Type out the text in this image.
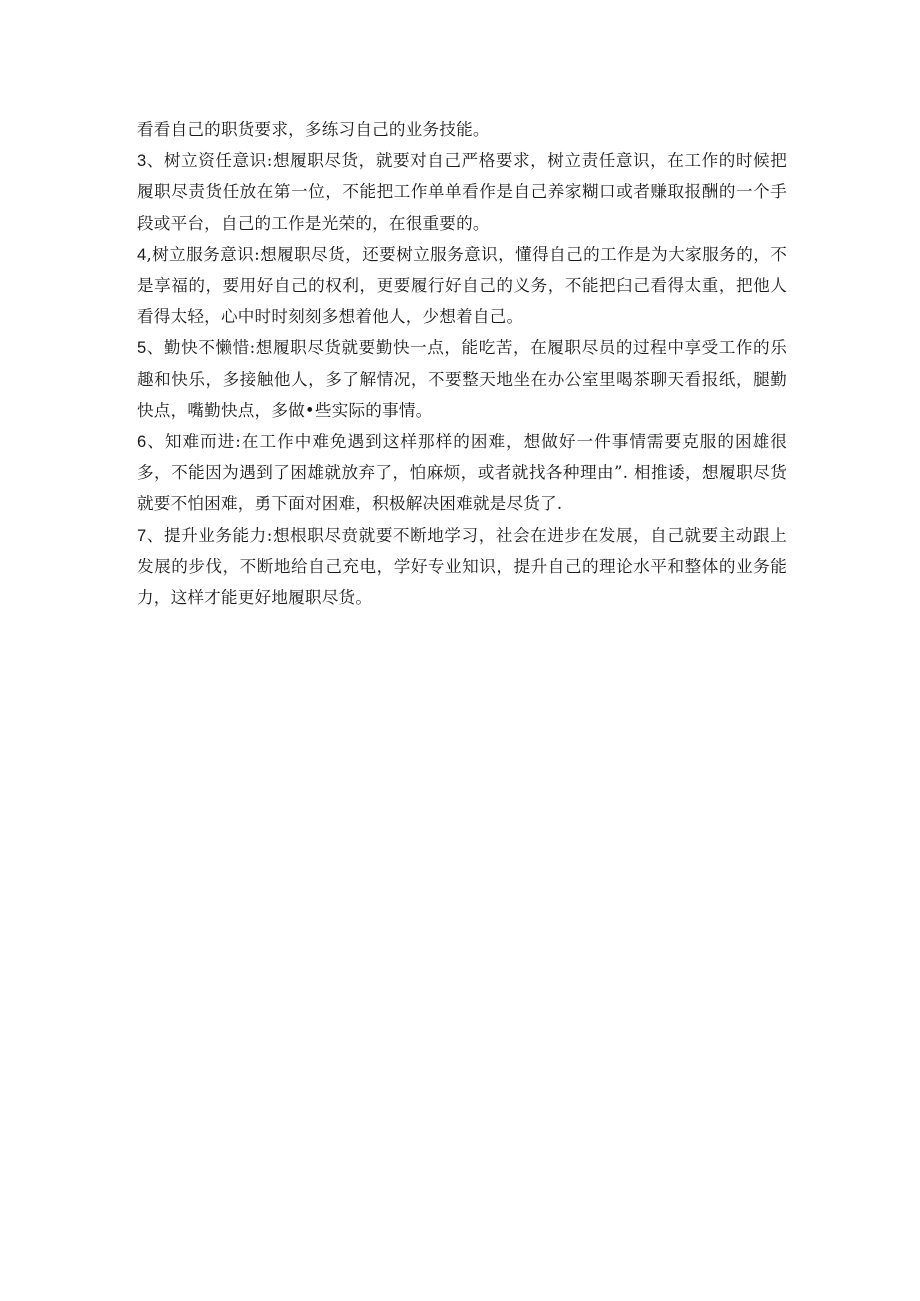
看看自己的职货要求，多练习自己的业务技能。

3、树立资任意识:想履职尽货，就要对自己严格要求，树立责任意识，在工作的时候把履职尽责货任放在第一位，不能把工作单单看作是自己养家糊口或者赚取报酬的一个手段或平台，自己的工作是光荣的，在很重要的。

4,树立服务意识:想履职尽货，还要树立服务意识，懂得自己的工作是为大家服务的，不是享福的，要用好自己的权利，更要履行好自己的义务，不能把臼己看得太重，把他人看得太轻，心中时时刻刻多想着他人，少想着自己。

5、勤快不懒惜:想履职尽货就要勤快一点，能吃苦，在履职尽员的过程中享受工作的乐趣和快乐，多接触他人，多了解情况，不要整天地坐在办公室里喝茶聊天看报纸，腿勤快点，嘴勤快点，多做•些实际的事情。

6、知难而进:在工作中难免遇到这样那样的困难，想做好一件事情需要克服的困雄很多，不能因为遇到了困雄就放弃了，怕麻烦，或者就找各种理由”. 相推诿，想履职尽货就要不怕困难，勇下面对困难，积极解决困难就是尽货了.

7、提升业务能力:想根职尽贲就要不断地学习，社会在进步在发展，自己就要主动跟上发展的步伐，不断地给自己充电，学好专业知识，提升自己的理论水平和整体的业务能力，这样才能更好地履职尽货。
